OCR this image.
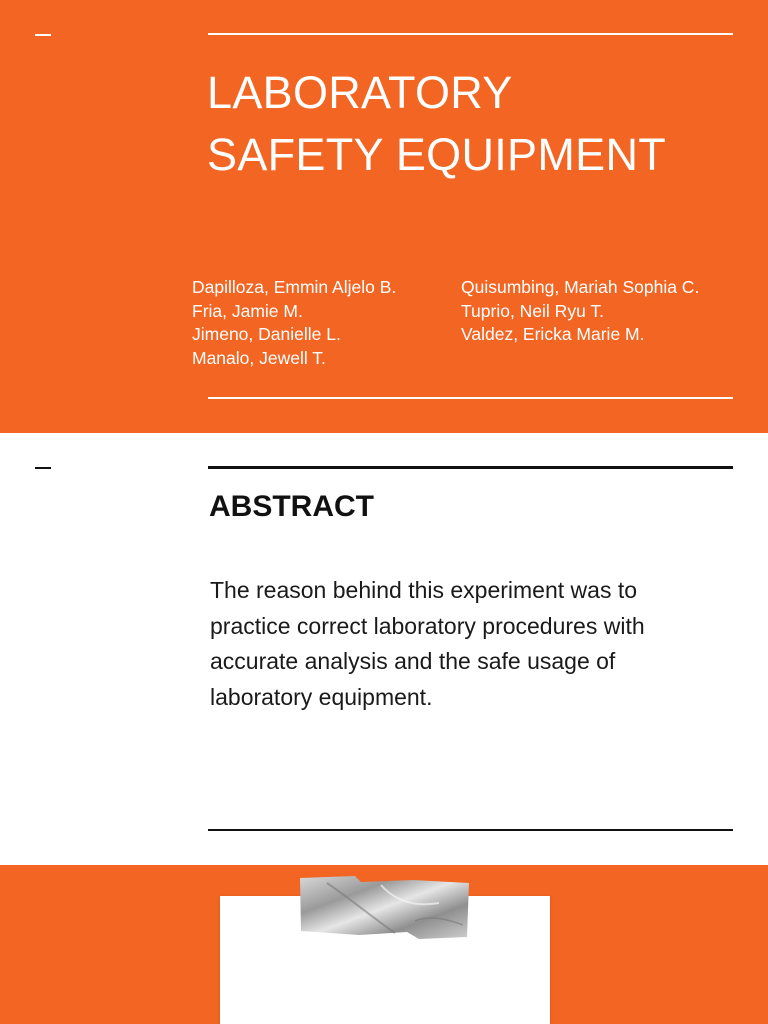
LABORATORY
SAFETY EQUIPMENT
Dapilloza, Emmin Aljelo B.
Fria, Jamie M.
Jimeno, Danielle L.
Manalo, Jewell T.
Quisumbing, Mariah Sophia C.
Tuprio, Neil Ryu T.
Valdez, Ericka Marie M.
ABSTRACT

The reason behind this experiment was to practice correct laboratory procedures with accurate analysis and the safe usage of laboratory equipment.
